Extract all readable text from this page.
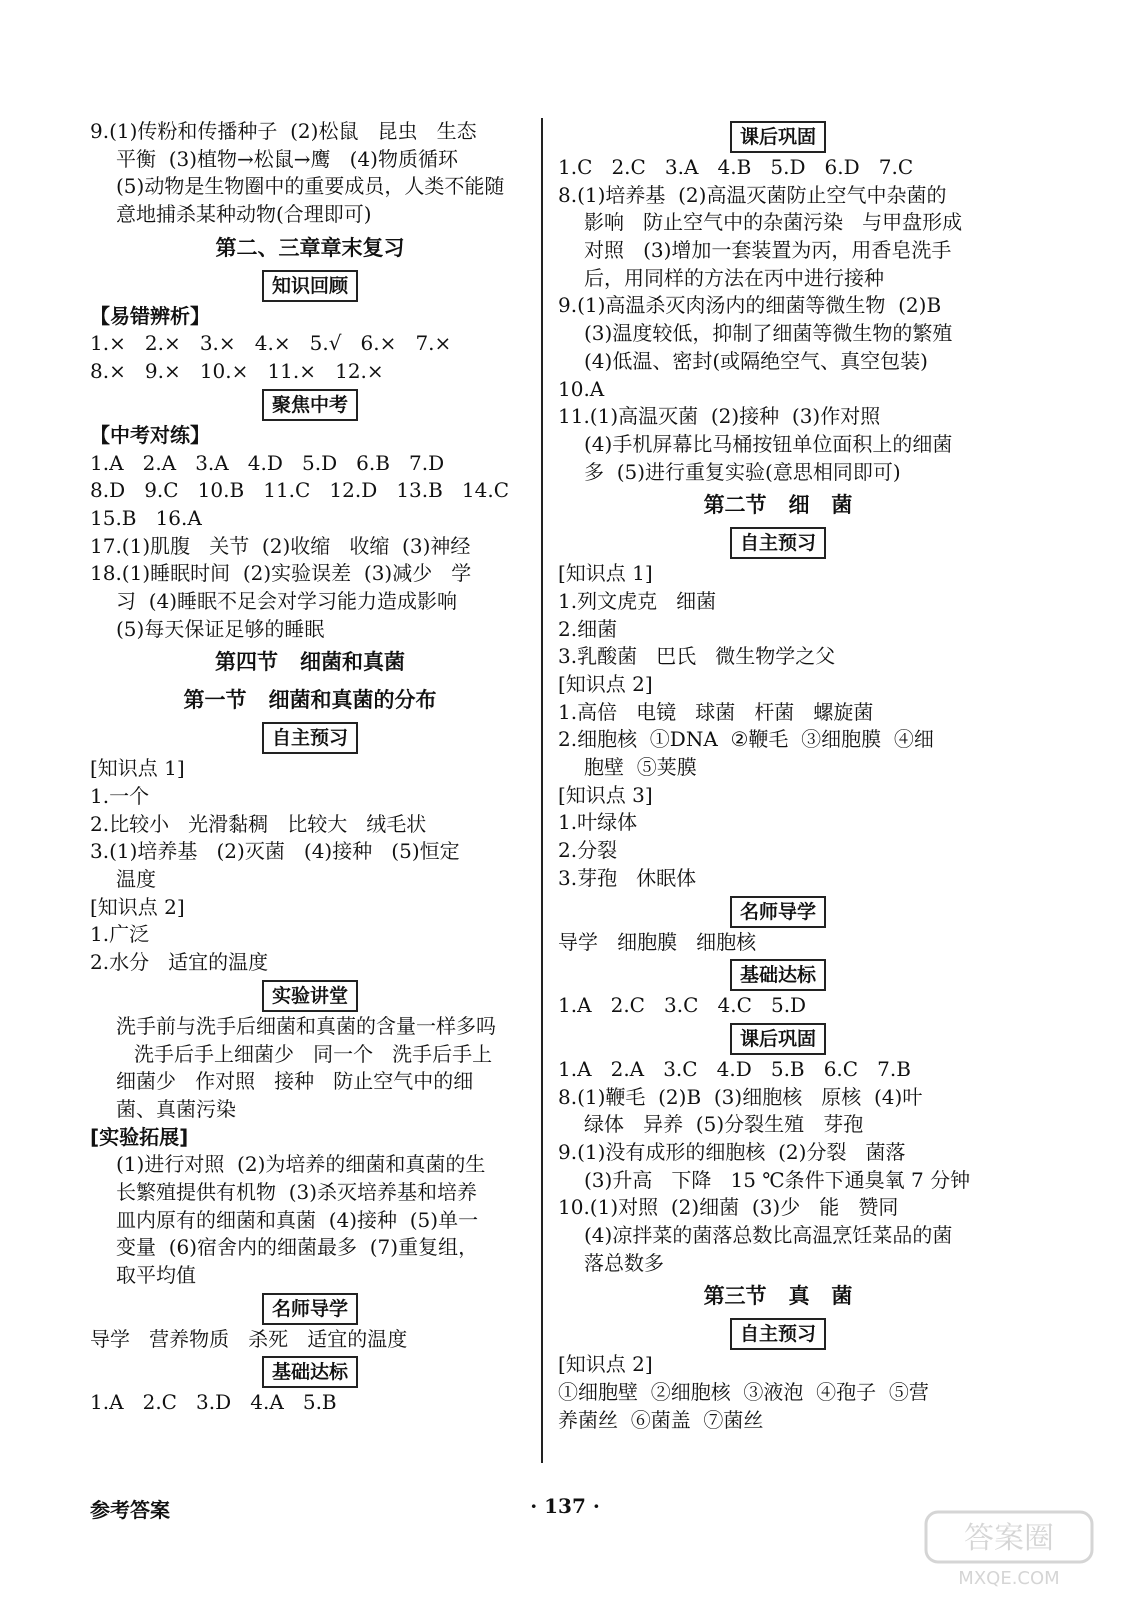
9.(1)传粉和传播种子  (2)松鼠   昆虫   生态
平衡  (3)植物→松鼠→鹰   (4)物质循环
(5)动物是生物圈中的重要成员，人类不能随
意地捕杀某种动物(合理即可)
第二、三章章末复习
知识回顾
【易错辨析】
1.×   2.×   3.×   4.×   5.√   6.×   7.×
8.×   9.×   10.×   11.×   12.×
聚焦中考
【中考对练】
1.A   2.A   3.A   4.D   5.D   6.B   7.D
8.D   9.C   10.B   11.C   12.D   13.B   14.C
15.B   16.A
17.(1)肌腹   关节  (2)收缩   收缩  (3)神经
18.(1)睡眠时间  (2)实验误差  (3)减少   学
习  (4)睡眠不足会对学习能力造成影响
(5)每天保证足够的睡眠
第四节   细菌和真菌
第一节   细菌和真菌的分布
自主预习
[知识点 1]
1.一个
2.比较小   光滑黏稠   比较大   绒毛状
3.(1)培养基   (2)灭菌   (4)接种   (5)恒定
温度
[知识点 2]
1.广泛
2.水分   适宜的温度
实验讲堂
洗手前与洗手后细菌和真菌的含量一样多吗
洗手后手上细菌少   同一个   洗手后手上
细菌少   作对照   接种   防止空气中的细
菌、真菌污染
[实验拓展]
(1)进行对照  (2)为培养的细菌和真菌的生
长繁殖提供有机物  (3)杀灭培养基和培养
皿内原有的细菌和真菌  (4)接种  (5)单一
变量  (6)宿舍内的细菌最多  (7)重复组，
取平均值
名师导学
导学   营养物质   杀死   适宜的温度
基础达标
1.A   2.C   3.D   4.A   5.B
课后巩固
1.C   2.C   3.A   4.B   5.D   6.D   7.C
8.(1)培养基  (2)高温灭菌防止空气中杂菌的
影响   防止空气中的杂菌污染   与甲盘形成
对照   (3)增加一套装置为丙，用香皂洗手
后，用同样的方法在丙中进行接种
9.(1)高温杀灭肉汤内的细菌等微生物  (2)B
(3)温度较低，抑制了细菌等微生物的繁殖
(4)低温、密封(或隔绝空气、真空包装)
10.A
11.(1)高温灭菌  (2)接种  (3)作对照
(4)手机屏幕比马桶按钮单位面积上的细菌
多  (5)进行重复实验(意思相同即可)
第二节   细   菌
自主预习
[知识点 1]
1.列文虎克   细菌
2.细菌
3.乳酸菌   巴氏   微生物学之父
[知识点 2]
1.高倍   电镜   球菌   杆菌   螺旋菌
2.细胞核  ①DNA  ②鞭毛  ③细胞膜  ④细
胞壁  ⑤荚膜
[知识点 3]
1.叶绿体
2.分裂
3.芽孢   休眠体
名师导学
导学   细胞膜   细胞核
基础达标
1.A   2.C   3.C   4.C   5.D
课后巩固
1.A   2.A   3.C   4.D   5.B   6.C   7.B
8.(1)鞭毛  (2)B  (3)细胞核   原核  (4)叶
绿体   异养  (5)分裂生殖   芽孢
9.(1)没有成形的细胞核  (2)分裂   菌落
(3)升高   下降   15 ℃条件下通臭氧 7 分钟
10.(1)对照  (2)细菌  (3)少   能   赞同
(4)凉拌菜的菌落总数比高温烹饪菜品的菌
落总数多
第三节   真   菌
自主预习
[知识点 2]
①细胞壁  ②细胞核  ③液泡  ④孢子  ⑤营
养菌丝  ⑥菌盖  ⑦菌丝
参考答案	· 137 ·
答案圈
MXQE.COM
